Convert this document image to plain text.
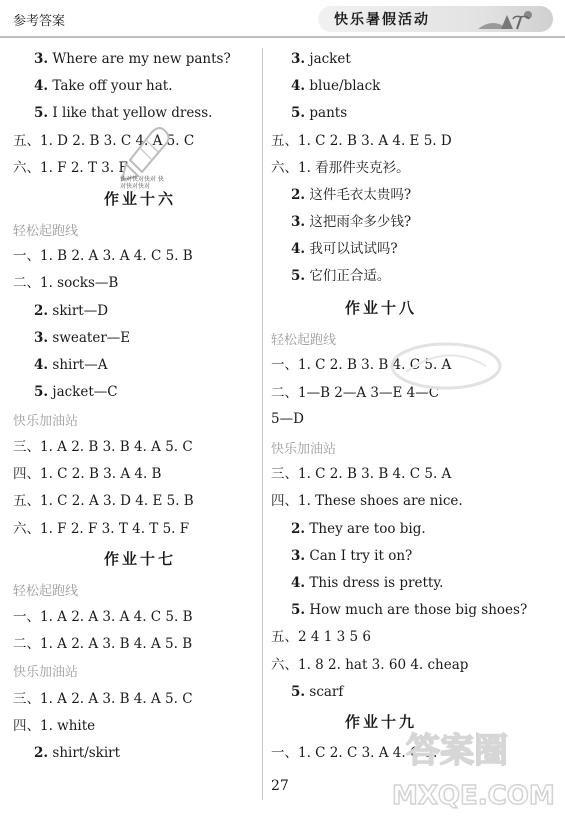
参考答案	快乐暑假活动
3. Where are my new pants?
4. Take off your hat.
5. I like that yellow dress.
五、1. D 2. B 3. C 4. A 5. C
六、1. F 2. T 3. F
作业十六
轻松起跑线
一、1. B 2. A 3. A 4. C 5. B
二、1. socks—B
2. skirt—D
3. sweater—E
4. shirt—A
5. jacket—C
快乐加油站
三、1. A 2. B 3. B 4. A 5. C
四、1. C 2. B 3. A 4. B
五、1. C 2. A 3. D 4. E 5. B
六、1. F 2. F 3. T 4. T 5. F
作业十七
轻松起跑线
一、1. A 2. A 3. A 4. C 5. B
二、1. A 2. A 3. B 4. A 5. B
快乐加油站
三、1. A 2. A 3. B 4. A 5. C
四、1. white
2. shirt/skirt
3. jacket
4. blue/black
5. pants
五、1. C 2. B 3. A 4. E 5. D
六、1. 看那件夹克衫。
2. 这件毛衣太贵吗?
3. 这把雨伞多少钱?
4. 我可以试试吗?
5. 它们正合适。
作业十八
轻松起跑线
一、1. C 2. B 3. B 4. C 5. A
二、1—B 2—A 3—E 4—C
5—D
快乐加油站
三、1. C 2. B 3. B 4. C 5. A
四、1. These shoes are nice.
2. They are too big.
3. Can I try it on?
4. This dress is pretty.
5. How much are those big shoes?
五、2 4 1 3 5 6
六、1. 8 2. hat 3. 60 4. cheap
5. scarf
作业十九
一、1. C 2. C 3. A 4. C 5.
快对快对快对 快对快对快对
27
答案圈
MXQE.COM
